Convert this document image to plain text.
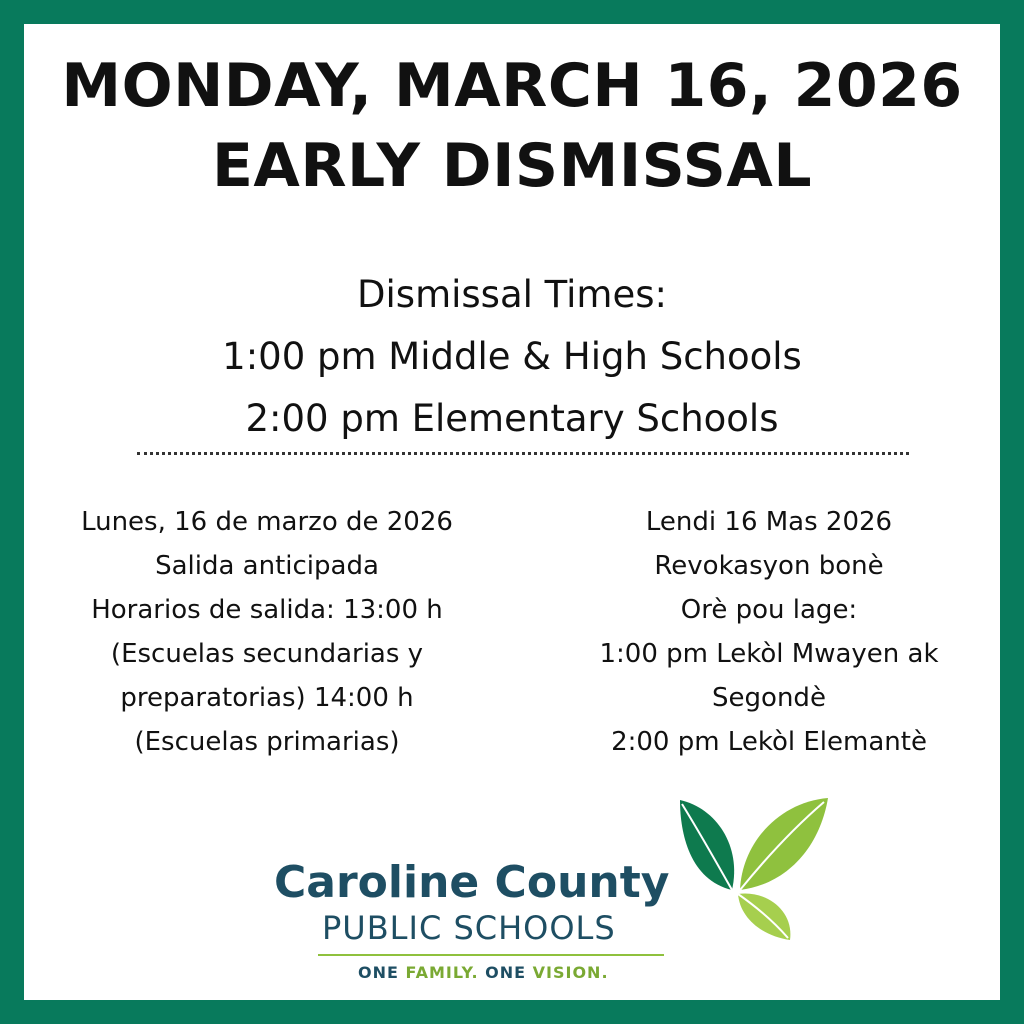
MONDAY, MARCH 16, 2026
EARLY DISMISSAL
Dismissal Times:
1:00 pm Middle & High Schools
2:00 pm Elementary Schools
Lunes, 16 de marzo de 2026
Salida anticipada
Horarios de salida: 13:00 h
(Escuelas secundarias y
preparatorias) 14:00 h
(Escuelas primarias)
Lendi 16 Mas 2026
Revokasyon bonè
Orè pou lage:
1:00 pm Lekòl Mwayen ak
Segondè
2:00 pm Lekòl Elemantè
Caroline County
PUBLIC SCHOOLS
ONE FAMILY. ONE VISION.
